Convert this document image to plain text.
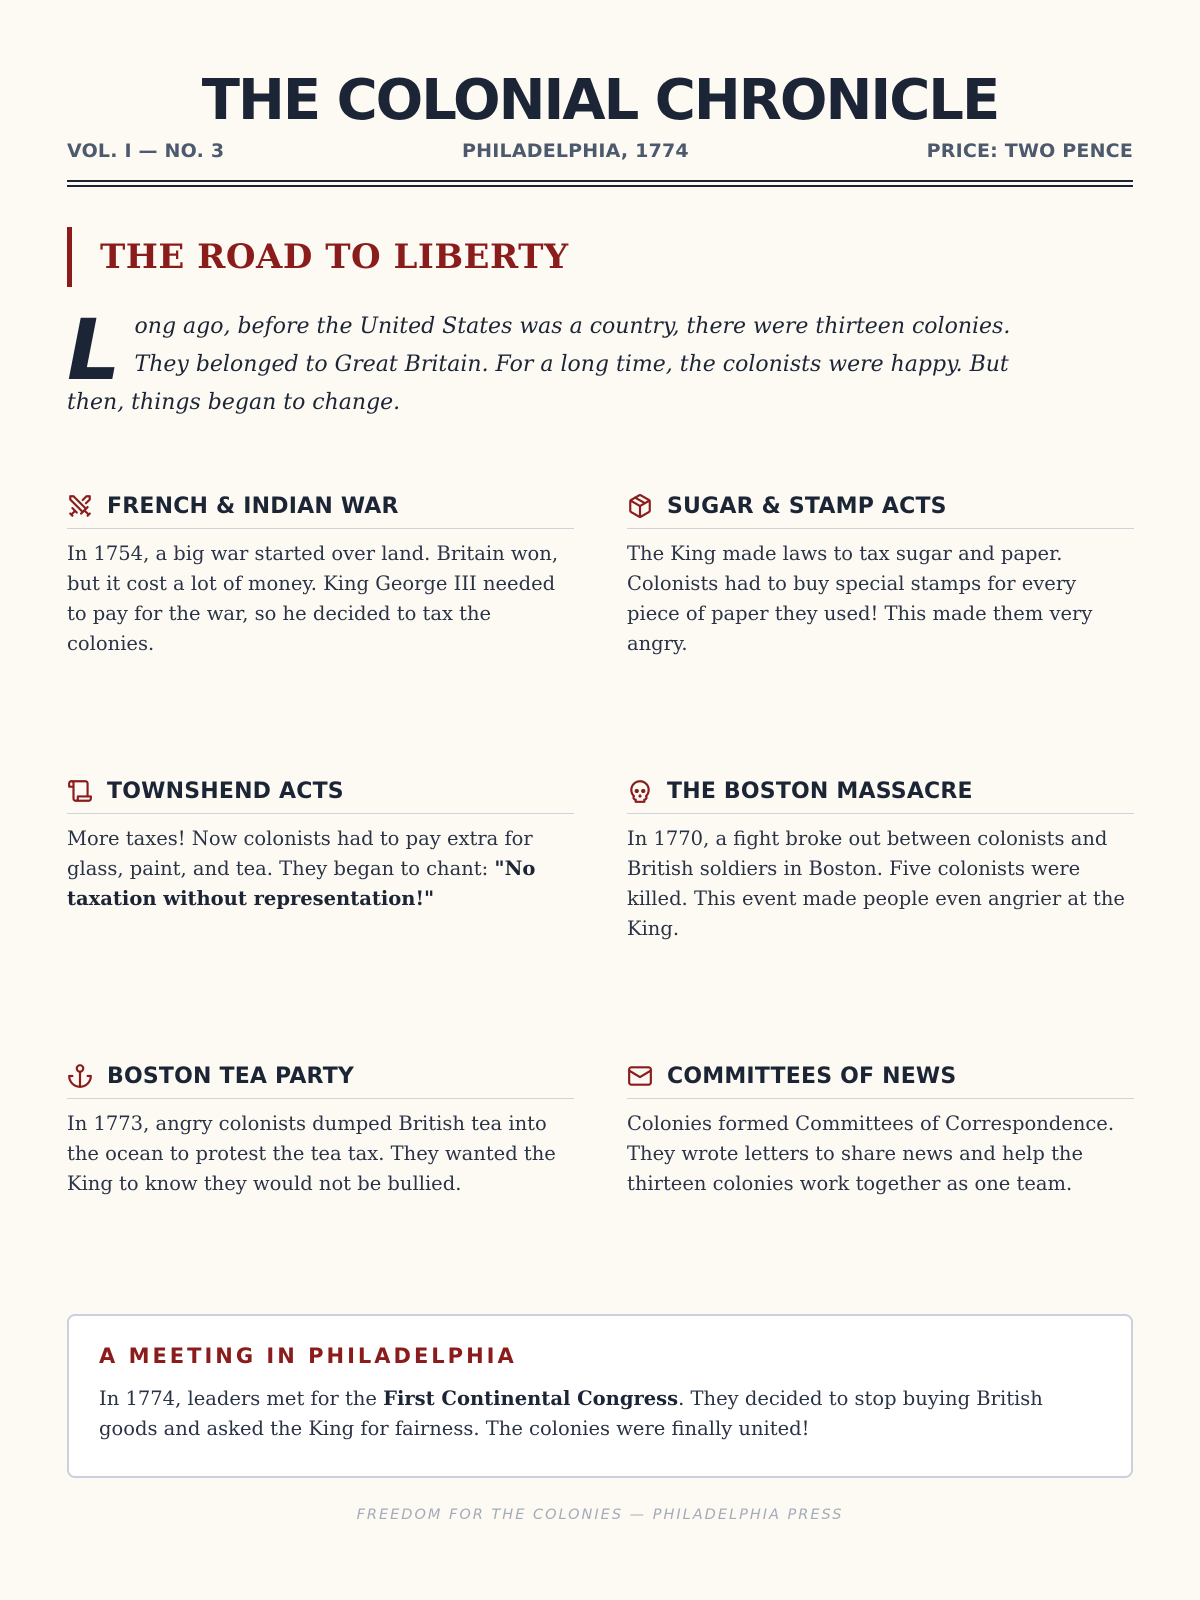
THE COLONIAL CHRONICLE
VOL. I — NO. 3	PHILADELPHIA, 1774	PRICE: TWO PENCE
THE ROAD TO LIBERTY
Long ago, before the United States was a country, there were thirteen colonies. They belonged to Great Britain. For a long time, the colonists were happy. But then, things began to change.
FRENCH & INDIAN WAR
In 1754, a big war started over land. Britain won, but it cost a lot of money. King George III needed to pay for the war, so he decided to tax the colonies.
SUGAR & STAMP ACTS
The King made laws to tax sugar and paper. Colonists had to buy special stamps for every piece of paper they used! This made them very angry.
TOWNSHEND ACTS
More taxes! Now colonists had to pay extra for glass, paint, and tea. They began to chant: "No taxation without representation!"
THE BOSTON MASSACRE
In 1770, a fight broke out between colonists and British soldiers in Boston. Five colonists were killed. This event made people even angrier at the King.
BOSTON TEA PARTY
In 1773, angry colonists dumped British tea into the ocean to protest the tea tax. They wanted the King to know they would not be bullied.
COMMITTEES OF NEWS
Colonies formed Committees of Correspondence. They wrote letters to share news and help the thirteen colonies work together as one team.
A MEETING IN PHILADELPHIA
In 1774, leaders met for the First Continental Congress. They decided to stop buying British goods and asked the King for fairness. The colonies were finally united!
FREEDOM FOR THE COLONIES — PHILADELPHIA PRESS
